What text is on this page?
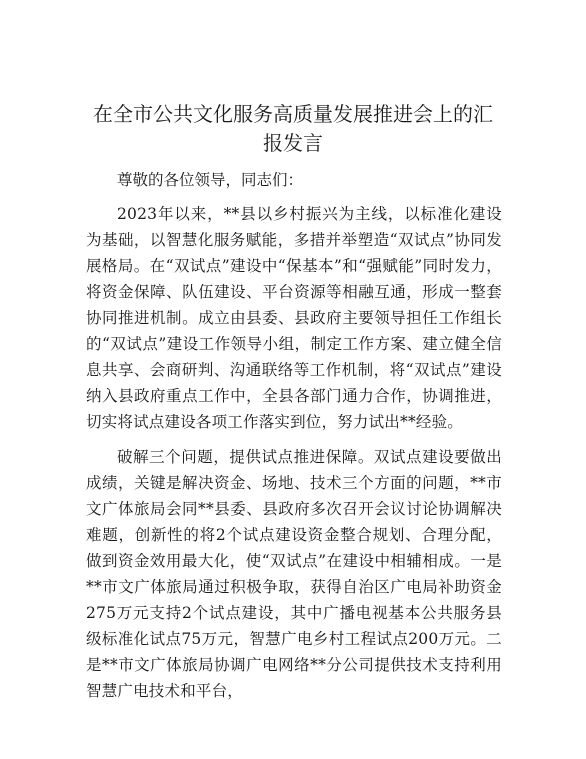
在全市公共文化服务高质量发展推进会上的汇报发言

尊敬的各位领导，同志们：

2023年以来，**县以乡村振兴为主线，以标准化建设为基础，以智慧化服务赋能，多措并举塑造“双试点”协同发展格局。在“双试点”建设中“保基本”和“强赋能”同时发力，将资金保障、队伍建设、平台资源等相融互通，形成一整套协同推进机制。成立由县委、县政府主要领导担任工作组长的“双试点”建设工作领导小组，制定工作方案、建立健全信息共享、会商研判、沟通联络等工作机制，将“双试点”建设纳入县政府重点工作中，全县各部门通力合作，协调推进，切实将试点建设各项工作落实到位，努力试出**经验。

破解三个问题，提供试点推进保障。双试点建设要做出成绩，关键是解决资金、场地、技术三个方面的问题，**市文广体旅局会同**县委、县政府多次召开会议讨论协调解决难题，创新性的将2个试点建设资金整合规划、合理分配，做到资金效用最大化，使“双试点”在建设中相辅相成。一是**市文广体旅局通过积极争取，获得自治区广电局补助资金275万元支持2个试点建设，其中广播电视基本公共服务县级标准化试点75万元，智慧广电乡村工程试点200万元。二是**市文广体旅局协调广电网络**分公司提供技术支持利用智慧广电技术和平台，
